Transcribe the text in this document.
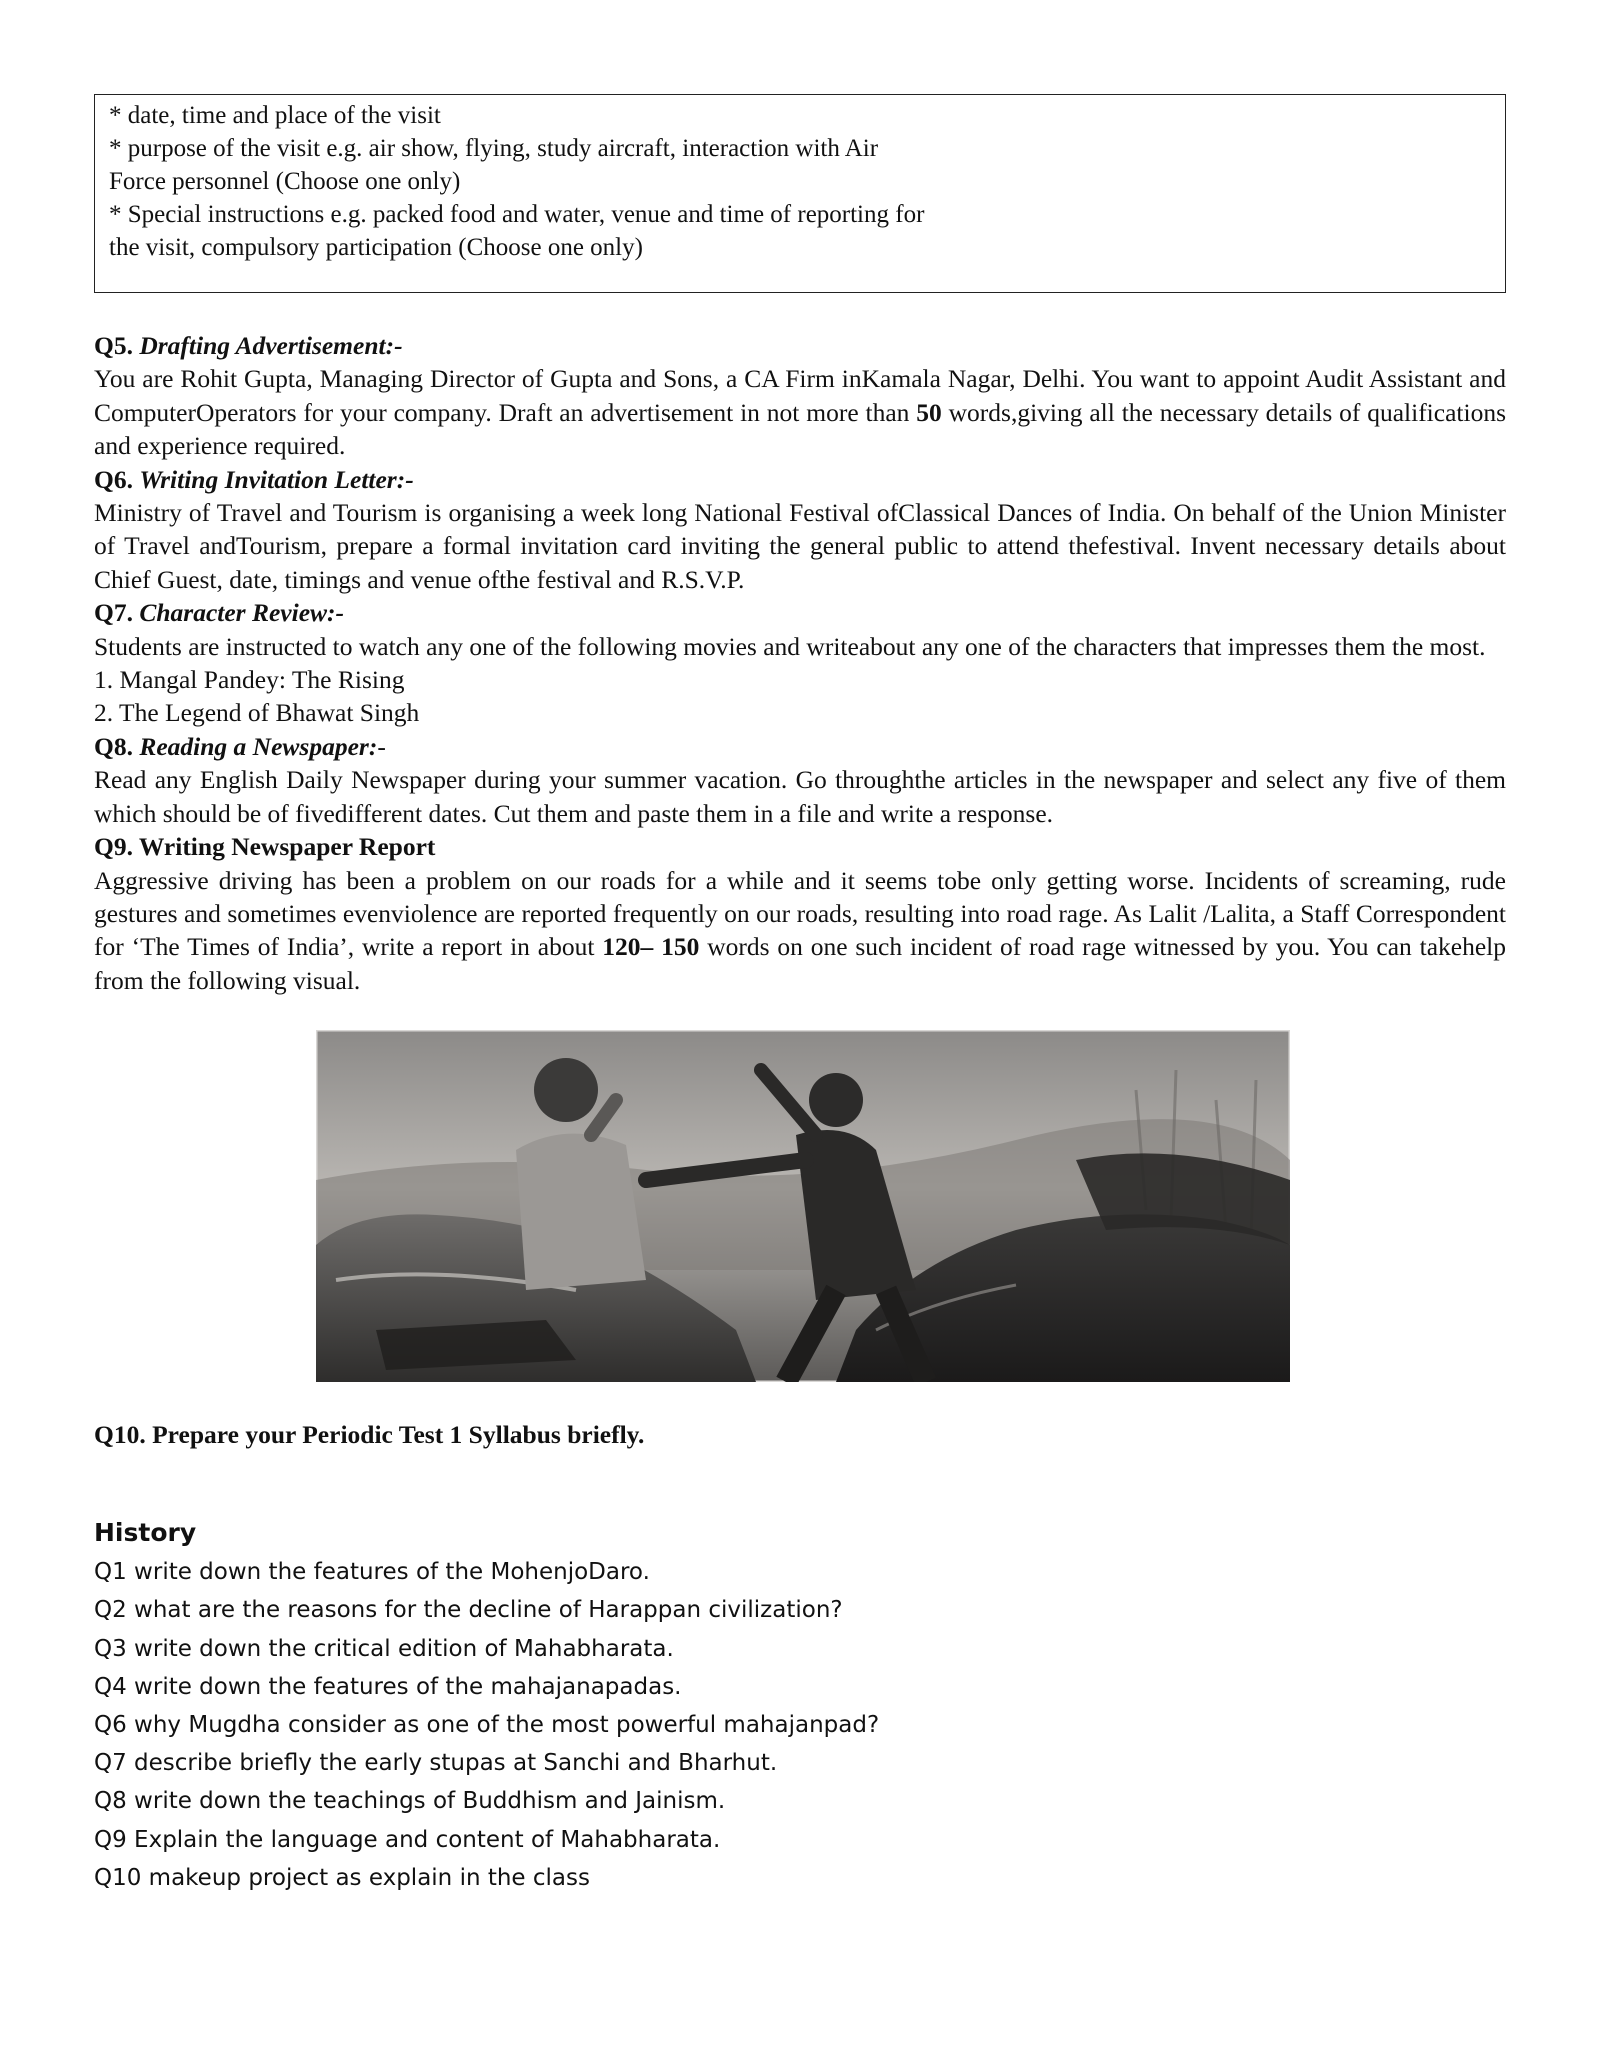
* date, time and place of the visit
* purpose of the visit e.g. air show, flying, study aircraft, interaction with Air
Force personnel (Choose one only)
* Special instructions e.g. packed food and water, venue and time of reporting for
the visit, compulsory participation (Choose one only)

Q5. Drafting Advertisement:-

You are Rohit Gupta, Managing Director of Gupta and Sons, a CA Firm inKamala Nagar, Delhi. You want to appoint Audit Assistant and ComputerOperators for your company. Draft an advertisement in not more than 50 words,giving all the necessary details of qualifications and experience required.

Q6. Writing Invitation Letter:-

Ministry of Travel and Tourism is organising a week long National Festival ofClassical Dances of India. On behalf of the Union Minister of Travel andTourism, prepare a formal invitation card inviting the general public to attend thefestival. Invent necessary details about Chief Guest, date, timings and venue ofthe festival and R.S.V.P.

Q7. Character Review:-

Students are instructed to watch any one of the following movies and writeabout any one of the characters that impresses them the most.

1. Mangal Pandey: The Rising

2. The Legend of Bhawat Singh

Q8. Reading a Newspaper:-

Read any English Daily Newspaper during your summer vacation. Go throughthe articles in the newspaper and select any five of them which should be of fivedifferent dates. Cut them and paste them in a file and write a response.

Q9. Writing Newspaper Report

Aggressive driving has been a problem on our roads for a while and it seems tobe only getting worse. Incidents of screaming, rude gestures and sometimes evenviolence are reported frequently on our roads, resulting into road rage. As Lalit /Lalita, a Staff Correspondent for ‘The Times of India’, write a report in about 120– 150 words on one such incident of road rage witnessed by you. You can takehelp from the following visual.

Q10. Prepare your Periodic Test 1 Syllabus briefly.
History
Q1 write down the features of the MohenjoDaro.
Q2 what are the reasons for the decline of Harappan civilization?
Q3 write down the critical edition of Mahabharata.
Q4 write down the features of the mahajanapadas.
Q6 why Mugdha consider as one of the most powerful mahajanpad?
Q7 describe briefly the early stupas at Sanchi and Bharhut.
Q8 write down the teachings of Buddhism and Jainism.
Q9 Explain the language and content of Mahabharata.
Q10 makeup project as explain in the class
